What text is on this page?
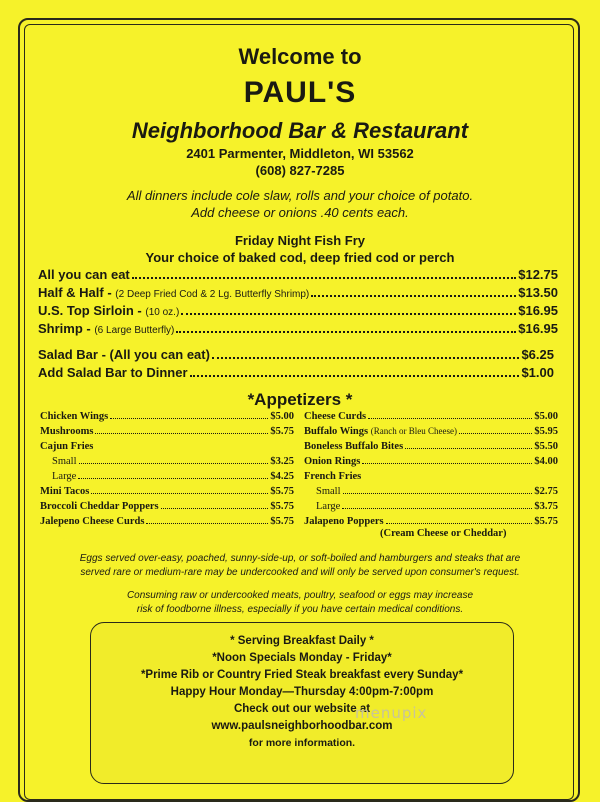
Welcome to
PAUL'S
Neighborhood Bar & Restaurant
2401 Parmenter, Middleton, WI 53562
(608) 827-7285
All dinners include cole slaw, rolls and your choice of potato.
Add cheese or onions .40 cents each.
Friday Night Fish Fry
Your choice of baked cod, deep fried cod or perch
All you can eat	$12.75
Half & Half - (2 Deep Fried Cod & 2 Lg. Butterfly Shrimp)	$13.50
U.S. Top Sirloin - (10 oz.)	$16.95
Shrimp - (6 Large Butterfly)	$16.95
Salad Bar - (All you can eat)	$6.25
Add Salad Bar to Dinner	$1.00
*Appetizers *
Chicken Wings	$5.00
Mushrooms	$5.75
Cajun Fries
Small	$3.25
Large	$4.25
Mini Tacos	$5.75
Broccoli Cheddar Poppers	$5.75
Jalepeno Cheese Curds	$5.75
Cheese Curds	$5.00
Buffalo Wings (Ranch or Bleu Cheese)	$5.95
Boneless Buffalo Bites	$5.50
Onion Rings	$4.00
French Fries
Small	$2.75
Large	$3.75
Jalapeno Poppers	$5.75
(Cream Cheese or Cheddar)
Eggs served over-easy, poached, sunny-side-up, or soft-boiled and hamburgers and steaks that are
served rare or medium-rare may be undercooked and will only be served upon consumer's request.
Consuming raw or undercooked meats, poultry, seafood or eggs may increase
risk of foodborne illness, especially if you have certain medical conditions.
* Serving Breakfast Daily *
*Noon Specials Monday - Friday*
*Prime Rib or Country Fried Steak breakfast every Sunday*
Happy Hour Monday—Thursday 4:00pm-7:00pm
Check out our website at
www.paulsneighborhoodbar.com
for more information.
menupix
